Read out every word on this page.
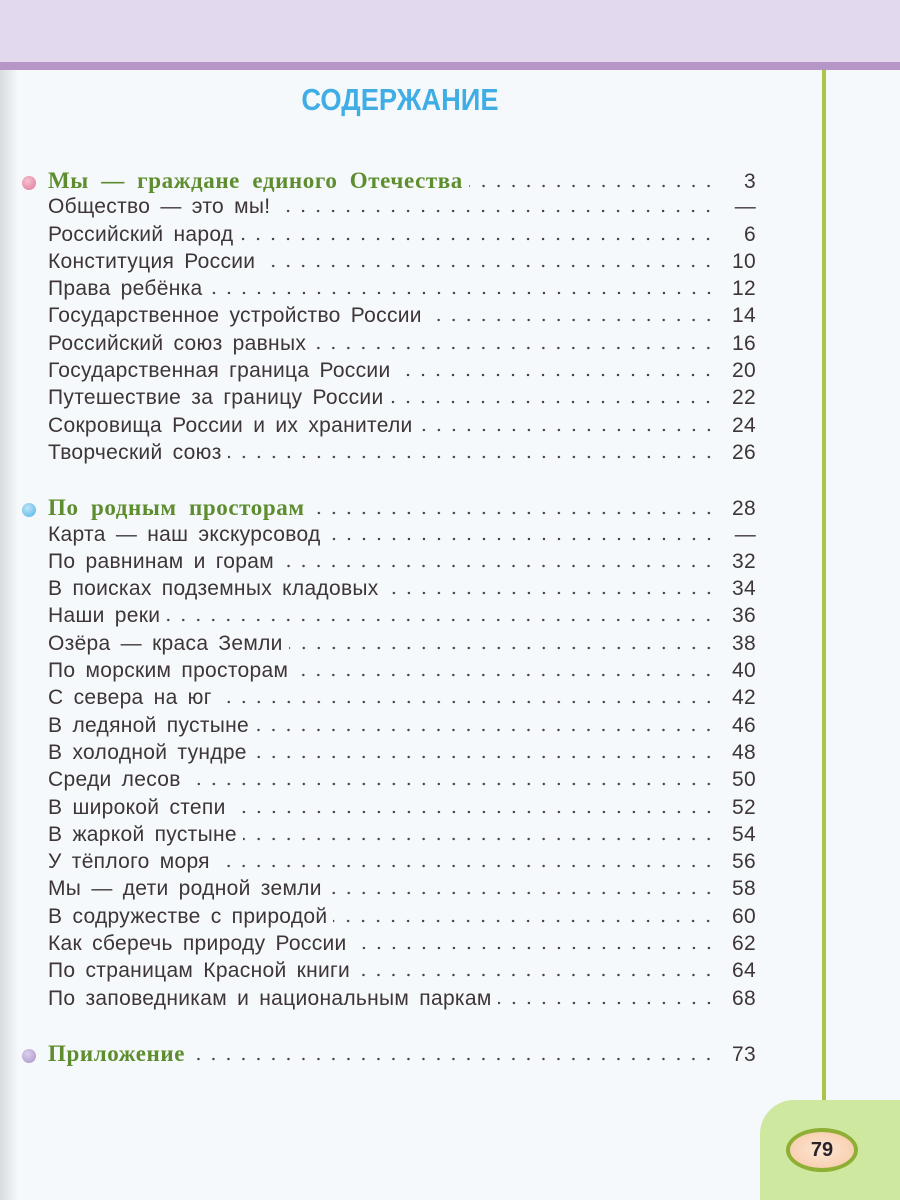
79
СОДЕРЖАНИЕ
Мы — граждане единого Отечества	3
Общество — это мы!	—
Российский народ	6
Конституция России	10
Права ребёнка	12
Государственное устройство России	14
Российский союз равных	16
Государственная граница России	20
Путешествие за границу России	22
Сокровища России и их хранители	24
Творческий союз	26
По родным просторам	28
Карта — наш экскурсовод	—
По равнинам и горам	32
В поисках подземных кладовых	34
Наши реки	36
Озёра — краса Земли	38
По морским просторам	40
С севера на юг	42
В ледяной пустыне	46
В холодной тундре	48
Среди лесов	50
В широкой степи	52
В жаркой пустыне	54
У тёплого моря	56
Мы — дети родной земли	58
В содружестве с природой	60
Как сберечь природу России	62
По страницам Красной книги	64
По заповедникам и национальным паркам	68
Приложение	73
